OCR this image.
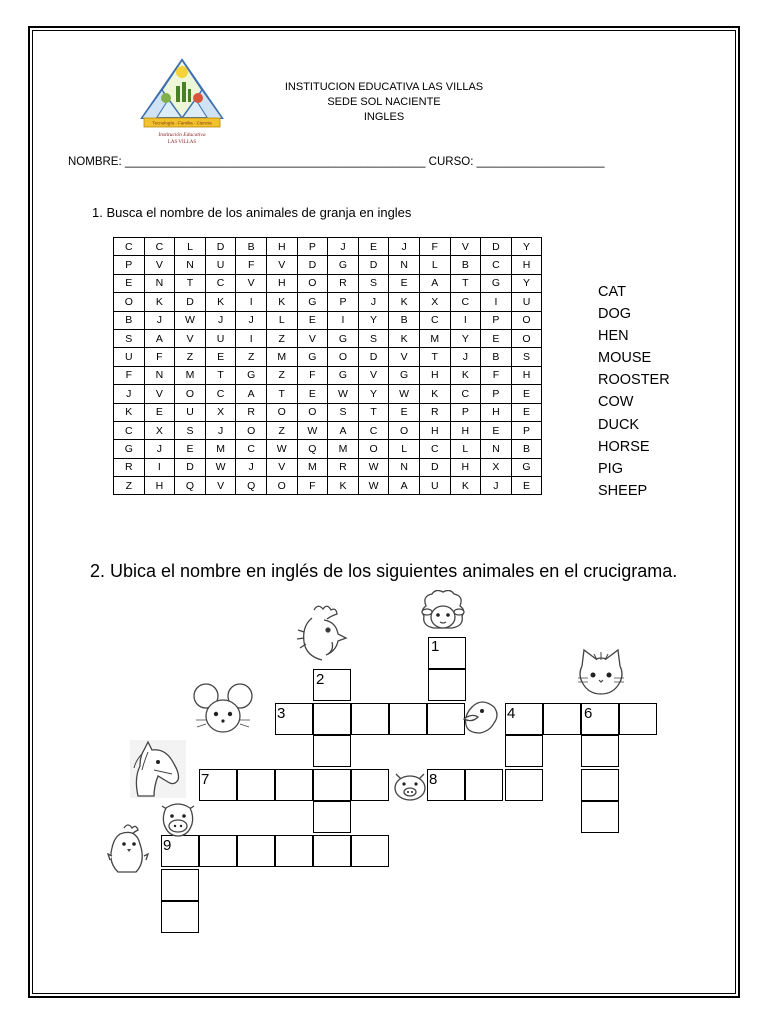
Tecnología - Familia - Ciencia
Institución Educativa
LAS VILLAS
INSTITUCION EDUCATIVA LAS VILLAS
SEDE SOL NACIENTE
INGLES
NOMBRE: _______________________________________________ CURSO: ____________________
1. Busca el nombre de los animales de granja en ingles
C	C	L	D	B	H	P	J	E	J	F	V	D	Y
P	V	N	U	F	V	D	G	D	N	L	B	C	H
E	N	T	C	V	H	O	R	S	E	A	T	G	Y
O	K	D	K	I	K	G	P	J	K	X	C	I	U
B	J	W	J	J	L	E	I	Y	B	C	I	P	O
S	A	V	U	I	Z	V	G	S	K	M	Y	E	O
U	F	Z	E	Z	M	G	O	D	V	T	J	B	S
F	N	M	T	G	Z	F	G	V	G	H	K	F	H
J	V	O	C	A	T	E	W	Y	W	K	C	P	E
K	E	U	X	R	O	O	S	T	E	R	P	H	E
C	X	S	J	O	Z	W	A	C	O	H	H	E	P
G	J	E	M	C	W	Q	M	O	L	C	L	N	B
R	I	D	W	J	V	M	R	W	N	D	H	X	G
Z	H	Q	V	Q	O	F	K	W	A	U	K	J	E
CAT
DOG
HEN
MOUSE
ROOSTER
COW
DUCK
HORSE
PIG
SHEEP
2. Ubica el nombre en inglés de los siguientes animales en el crucigrama.
1
2
3	4	6
7	8
9
